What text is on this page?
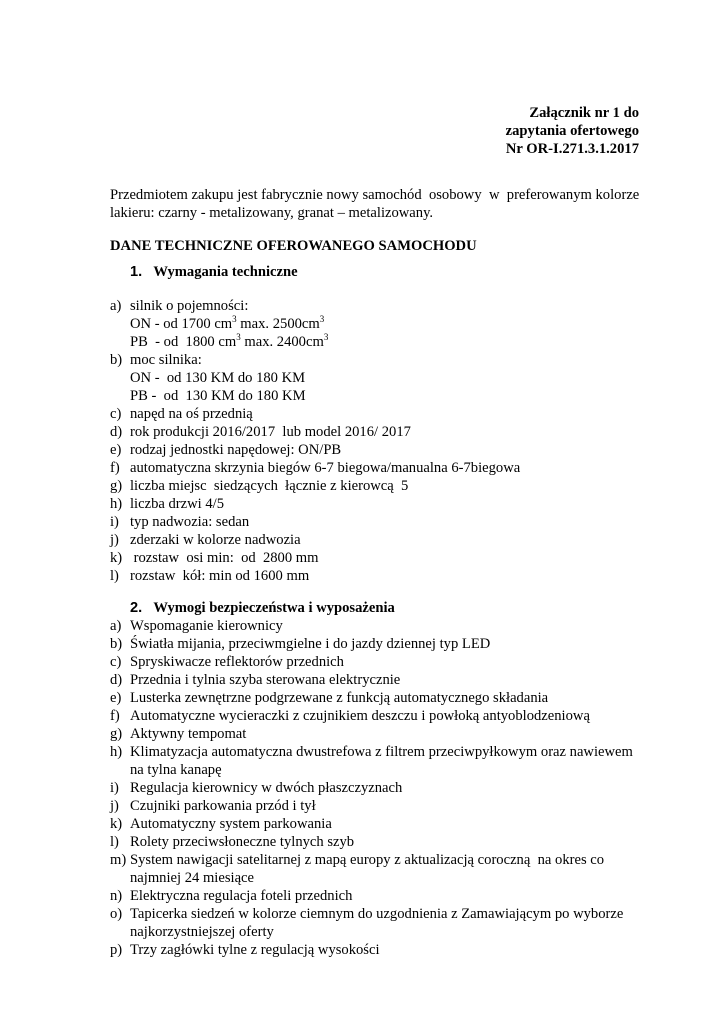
Załącznik nr 1 do
zapytania ofertowego
Nr OR-I.271.3.1.2017
Przedmiotem zakupu jest fabrycznie nowy samochód  osobowy  w  preferowanym kolorze
lakieru: czarny - metalizowany, granat – metalizowany.
DANE TECHNICZNE OFEROWANEGO SAMOCHODU
1. Wymagania techniczne
a) silnik o pojemności:
ON - od 1700 $cm^3$ max. $2500cm^3$
PB  - od  1800 $cm^3$ max. $2400cm^3$
b) moc silnika:
ON -  od 130 KM do 180 KM
PB -  od  130 KM do 180 KM
c) napęd na oś przednią
d) rok produkcji 2016/2017  lub model 2016/ 2017
e) rodzaj jednostki napędowej: ON/PB
f) automatyczna skrzynia biegów 6-7 biegowa/manualna 6-7biegowa
g) liczba miejsc  siedzących  łącznie z kierowcą  5
h) liczba drzwi 4/5
i) typ nadwozia: sedan
j) zderzaki w kolorze nadwozia
k) rozstaw  osi min:  od  2800 mm
l) rozstaw  kół: min od 1600 mm
2. Wymogi bezpieczeństwa i wyposażenia
a) Wspomaganie kierownicy
b) Światła mijania, przeciwmgielne i do jazdy dziennej typ LED
c) Spryskiwacze reflektorów przednich
d) Przednia i tylnia szyba sterowana elektrycznie
e) Lusterka zewnętrzne podgrzewane z funkcją automatycznego składania
f) Automatyczne wycieraczki z czujnikiem deszczu i powłoką antyoblodzeniową
g) Aktywny tempomat
h) Klimatyzacja automatyczna dwustrefowa z filtrem przeciwpyłkowym oraz nawiewem
na tylna kanapę
i) Regulacja kierownicy w dwóch płaszczyznach
j) Czujniki parkowania przód i tył
k) Automatyczny system parkowania
l) Rolety przeciwsłoneczne tylnych szyb
m) System nawigacji satelitarnej z mapą europy z aktualizacją coroczną  na okres co
najmniej 24 miesiące
n) Elektryczna regulacja foteli przednich
o) Tapicerka siedzeń w kolorze ciemnym do uzgodnienia z Zamawiającym po wyborze
najkorzystniejszej oferty
p) Trzy zagłówki tylne z regulacją wysokości
